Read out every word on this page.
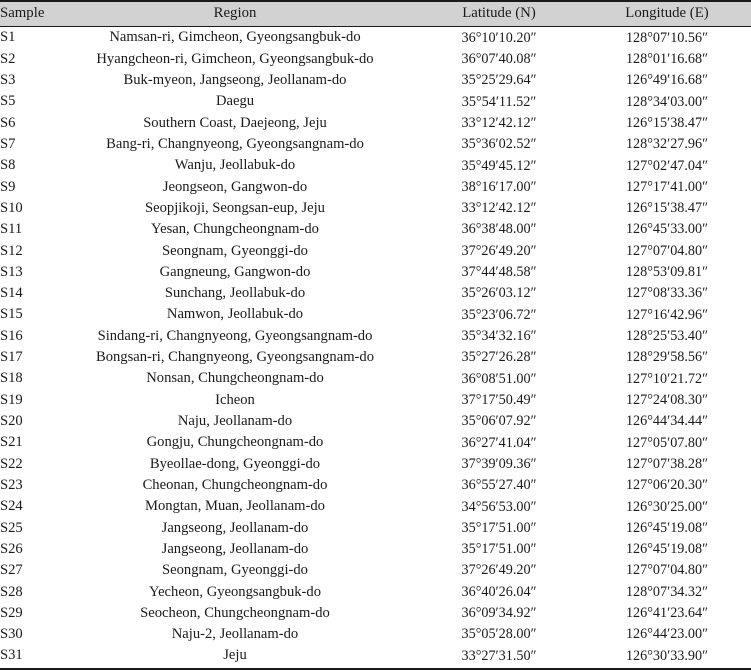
Sample	Region	Latitude (N)	Longitude (E)
S1	Namsan-ri, Gimcheon, Gyeongsangbuk-do	36°10′10.20″	128°07′10.56″
S2	Hyangcheon-ri, Gimcheon, Gyeongsangbuk-do	36°07′40.08″	128°01′16.68″
S3	Buk-myeon, Jangseong, Jeollanam-do	35°25′29.64″	126°49′16.68″
S5	Daegu	35°54′11.52″	128°34′03.00″
S6	Southern Coast, Daejeong, Jeju	33°12′42.12″	126°15′38.47″
S7	Bang-ri, Changnyeong, Gyeongsangnam-do	35°36′02.52″	128°32′27.96″
S8	Wanju, Jeollabuk-do	35°49′45.12″	127°02′47.04″
S9	Jeongseon, Gangwon-do	38°16′17.00″	127°17′41.00″
S10	Seopjikoji, Seongsan-eup, Jeju	33°12′42.12″	126°15′38.47″
S11	Yesan, Chungcheongnam-do	36°38′48.00″	126°45′33.00″
S12	Seongnam, Gyeonggi-do	37°26′49.20″	127°07′04.80″
S13	Gangneung, Gangwon-do	37°44′48.58″	128°53′09.81″
S14	Sunchang, Jeollabuk-do	35°26′03.12″	127°08′33.36″
S15	Namwon, Jeollabuk-do	35°23′06.72″	127°16′42.96″
S16	Sindang-ri, Changnyeong, Gyeongsangnam-do	35°34′32.16″	128°25′53.40″
S17	Bongsan-ri, Changnyeong, Gyeongsangnam-do	35°27′26.28″	128°29′58.56″
S18	Nonsan, Chungcheongnam-do	36°08′51.00″	127°10′21.72″
S19	Icheon	37°17′50.49″	127°24′08.30″
S20	Naju, Jeollanam-do	35°06′07.92″	126°44′34.44″
S21	Gongju, Chungcheongnam-do	36°27′41.04″	127°05′07.80″
S22	Byeollae-dong, Gyeonggi-do	37°39′09.36″	127°07′38.28″
S23	Cheonan, Chungcheongnam-do	36°55′27.40″	127°06′20.30″
S24	Mongtan, Muan, Jeollanam-do	34°56′53.00″	126°30′25.00″
S25	Jangseong, Jeollanam-do	35°17′51.00″	126°45′19.08″
S26	Jangseong, Jeollanam-do	35°17′51.00″	126°45′19.08″
S27	Seongnam, Gyeonggi-do	37°26′49.20″	127°07′04.80″
S28	Yecheon, Gyeongsangbuk-do	36°40′26.04″	128°07′34.32″
S29	Seocheon, Chungcheongnam-do	36°09′34.92″	126°41′23.64″
S30	Naju-2, Jeollanam-do	35°05′28.00″	126°44′23.00″
S31	Jeju	33°27′31.50″	126°30′33.90″
